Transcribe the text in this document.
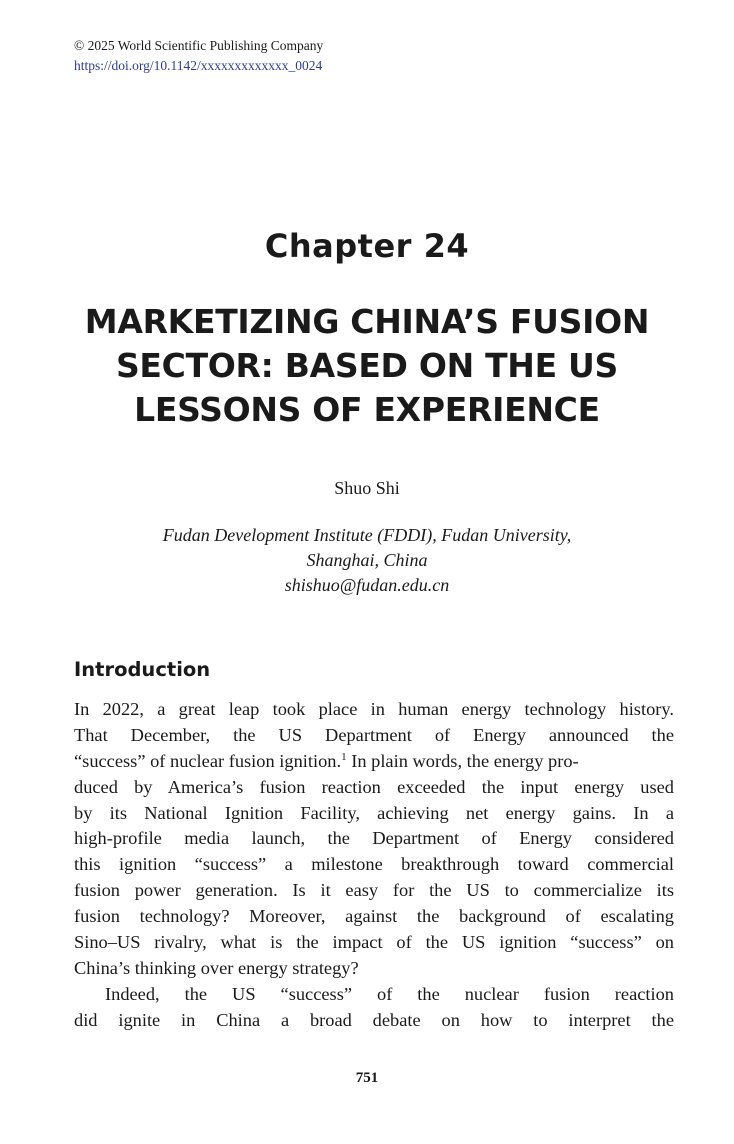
© 2025 World Scientific Publishing Company
https://doi.org/10.1142/xxxxxxxxxxxxx_0024
Chapter 24
MARKETIZING CHINA’S FUSION
SECTOR: BASED ON THE US
LESSONS OF EXPERIENCE
Shuo Shi
Fudan Development Institute (FDDI), Fudan University,
Shanghai, China
shishuo@fudan.edu.cn
Introduction
In 2022, a great leap took place in human energy technology history.
That December, the US Department of Energy announced the
“success” of nuclear fusion ignition.$^1$ In plain words, the energy pro-
duced by America’s fusion reaction exceeded the input energy used
by its National Ignition Facility, achieving net energy gains. In a
high-profile media launch, the Department of Energy considered
this ignition “success” a milestone breakthrough toward commercial
fusion power generation. Is it easy for the US to commercialize its
fusion technology? Moreover, against the background of escalating
Sino–US rivalry, what is the impact of the US ignition “success” on
China’s thinking over energy strategy?
Indeed, the US “success” of the nuclear fusion reaction
did ignite in China a broad debate on how to interpret the
751
